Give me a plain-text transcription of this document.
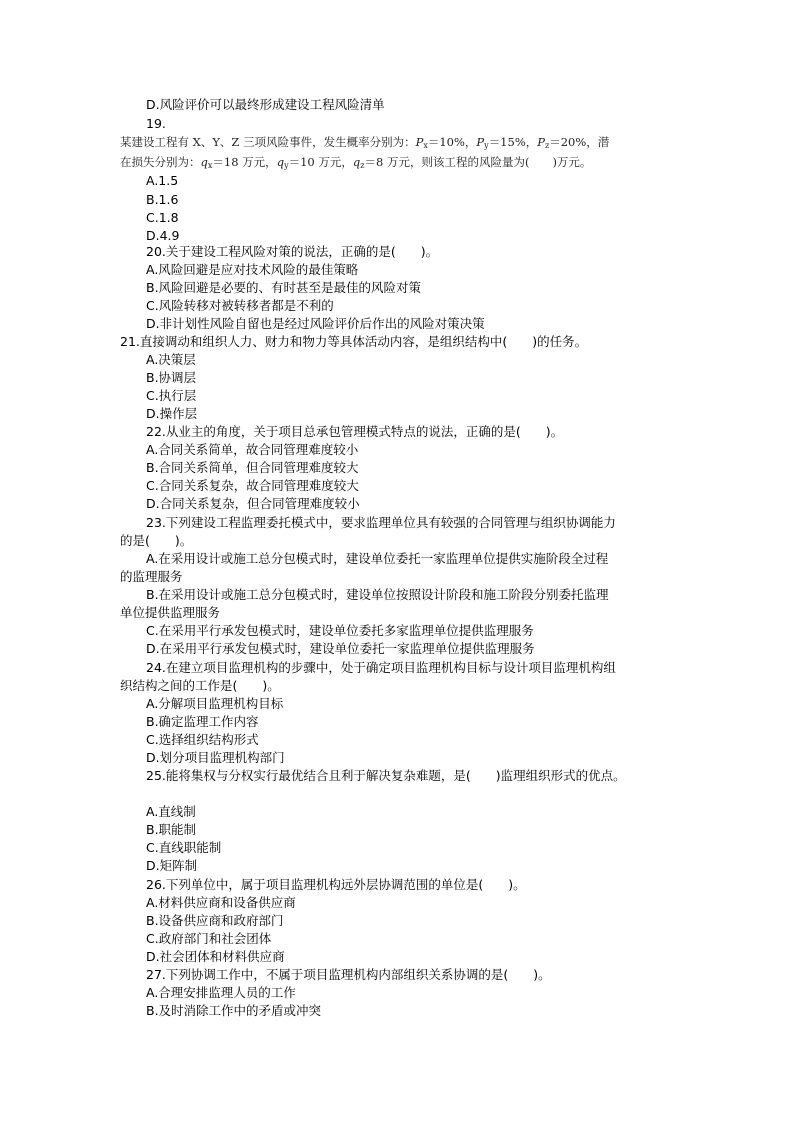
D.风险评价可以最终形成建设工程风险清单
19.
某建设工程有 X、Y、Z 三项风险事件，发生概率分别为：$P_x=10\%$，$P_y=15\%$，$P_z=20\%$，潜
在损失分别为：$q_x=18$ 万元，$q_y=10$ 万元，$q_z=8$ 万元，则该工程的风险量为(　　)万元。
A.1.5
B.1.6
C.1.8
D.4.9
20.关于建设工程风险对策的说法，正确的是(　　)。
A.风险回避是应对技术风险的最佳策略
B.风险回避是必要的、有时甚至是最佳的风险对策
C.风险转移对被转移者都是不利的
D.非计划性风险自留也是经过风险评价后作出的风险对策决策
21.直接调动和组织人力、财力和物力等具体活动内容，是组织结构中(　　)的任务。
A.决策层
B.协调层
C.执行层
D.操作层
22.从业主的角度，关于项目总承包管理模式特点的说法，正确的是(　　)。
A.合同关系简单，故合同管理难度较小
B.合同关系简单，但合同管理难度较大
C.合同关系复杂，故合同管理难度较大
D.合同关系复杂，但合同管理难度较小
23.下列建设工程监理委托模式中，要求监理单位具有较强的合同管理与组织协调能力
的是(　　)。
A.在采用设计或施工总分包模式时，建设单位委托一家监理单位提供实施阶段全过程
的监理服务
B.在采用设计或施工总分包模式时，建设单位按照设计阶段和施工阶段分别委托监理
单位提供监理服务
C.在采用平行承发包模式时，建设单位委托多家监理单位提供监理服务
D.在采用平行承发包模式时，建设单位委托一家监理单位提供监理服务
24.在建立项目监理机构的步骤中，处于确定项目监理机构目标与设计项目监理机构组
织结构之间的工作是(　　)。
A.分解项目监理机构目标
B.确定监理工作内容
C.选择组织结构形式
D.划分项目监理机构部门
25.能将集权与分权实行最优结合且利于解决复杂难题，是(　　)监理组织形式的优点。
A.直线制
B.职能制
C.直线职能制
D.矩阵制
26.下列单位中，属于项目监理机构远外层协调范围的单位是(　　)。
A.材料供应商和设备供应商
B.设备供应商和政府部门
C.政府部门和社会团体
D.社会团体和材料供应商
27.下列协调工作中，不属于项目监理机构内部组织关系协调的是(　　)。
A.合理安排监理人员的工作
B.及时消除工作中的矛盾或冲突
